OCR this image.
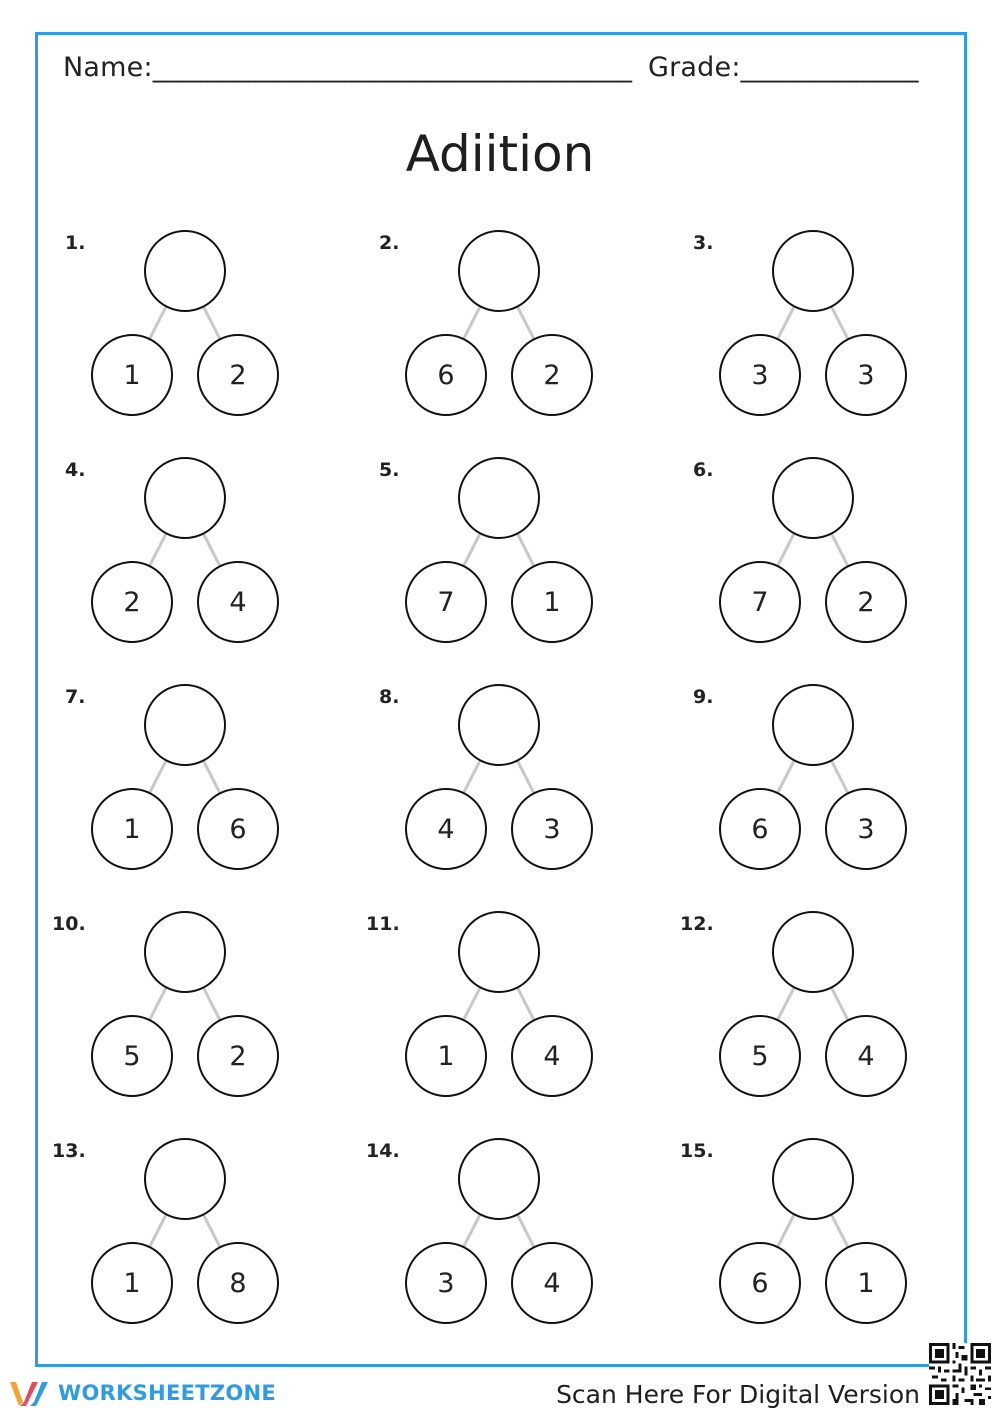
Name:___________________________________ Grade:_____________
Adiition
1.
1	2
2.
6	2
3.
3	3
4.
2	4
5.
7	1
6.
7	2
7.
1	6
8.
4	3
9.
6	3
10.
5	2
11.
1	4
12.
5	4
13.
1	8
14.
3	4
15.
6	1
WORKSHEETZONE	Scan Here For Digital Version
